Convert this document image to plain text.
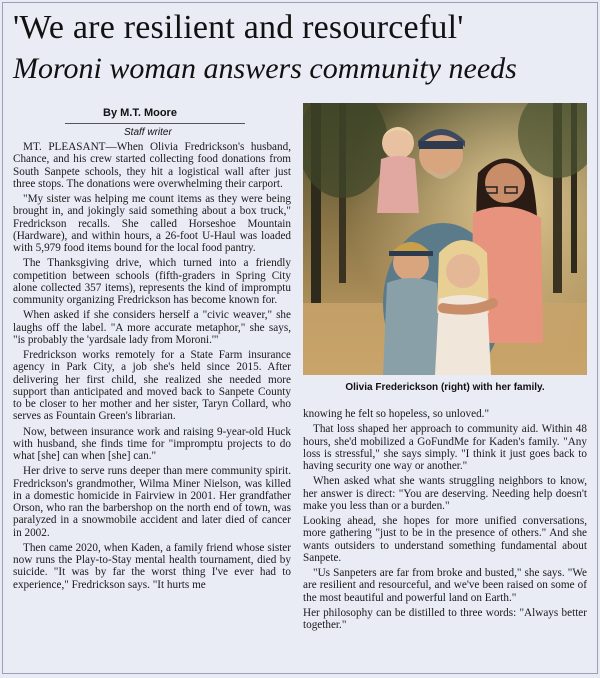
'We are resilient and resourceful'
Moroni woman answers community needs
By M.T. Moore
Staff writer

MT. PLEASANT—When Olivia Fredrickson's husband, Chance, and his crew started collecting food donations from South Sanpete schools, they hit a logistical wall after just three stops. The donations were overwhelming their carport.

"My sister was helping me count items as they were being brought in, and jokingly said something about a box truck," Fredrickson recalls. She called Horseshoe Mountain (Hardware), and within hours, a 26-foot U-Haul was loaded with 5,979 food items bound for the local food pantry.

The Thanksgiving drive, which turned into a friendly competition between schools (fifth-graders in Spring City alone collected 357 items), represents the kind of impromptu community organizing Fredrickson has become known for.

When asked if she considers herself a "civic weaver," she laughs off the label. "A more accurate metaphor," she says, "is probably the 'yardsale lady from Moroni.'"

Fredrickson works remotely for a State Farm insurance agency in Park City, a job she's held since 2015. After delivering her first child, she realized she needed more support than anticipated and moved back to Sanpete County to be closer to her mother and her sister, Taryn Collard, who serves as Fountain Green's librarian.

Now, between insurance work and raising 9-year-old Huck with husband, she finds time for "impromptu projects to do what [she] can when [she] can."

Her drive to serve runs deeper than mere community spirit. Fredrickson's grandmother, Wilma Miner Nielson, was killed in a domestic homicide in Fairview in 2001. Her grandfather Orson, who ran the barbershop on the north end of town, was paralyzed in a snowmobile accident and later died of cancer in 2002.

Then came 2020, when Kaden, a family friend whose sister now runs the Play-to-Stay mental health tournament, died by suicide. "It was by far the worst thing I've ever had to experience," Fredrickson says. "It hurts me

Olivia Frederickson (right) with her family.

knowing he felt so hopeless, so unloved."

That loss shaped her approach to community aid. Within 48 hours, she'd mobilized a GoFundMe for Kaden's family. "Any loss is stressful," she says simply. "I think it just goes back to having security one way or another."

When asked what she wants struggling neighbors to know, her answer is direct: "You are deserving. Needing help doesn't make you less than or a burden."

Looking ahead, she hopes for more unified conversations, more gathering "just to be in the presence of others." And she wants outsiders to understand something fundamental about Sanpete.

"Us Sanpeters are far from broke and busted," she says. "We are resilient and resourceful, and we've been raised on some of the most beautiful and powerful land on Earth."

Her philosophy can be distilled to three words: "Always better together."
